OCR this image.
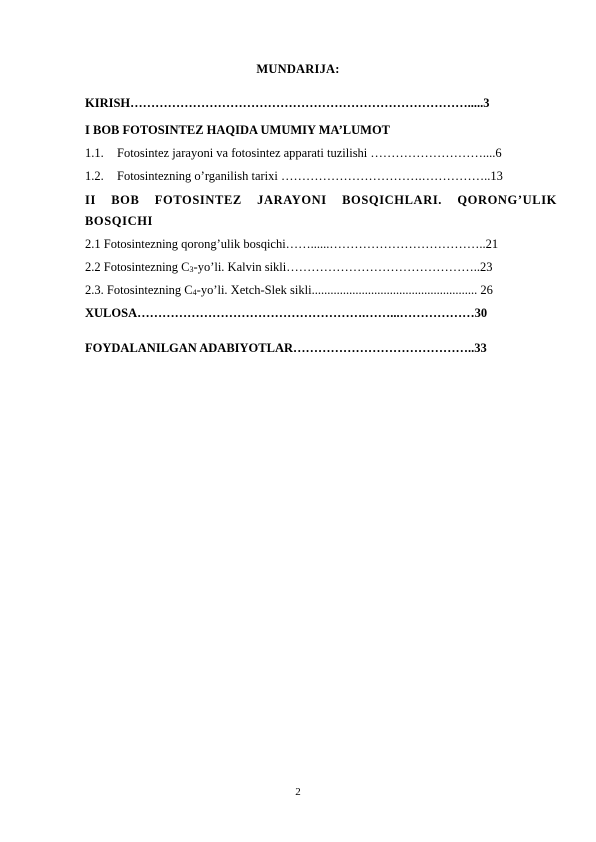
MUNDARIJA:
KIRISH……………………………………………………………………….....3
I BOB FOTOSINTEZ HAQIDA UMUMIY MA’LUMOT
1.1. Fotosintez jarayoni va fotosintez apparati tuzilishi ………………………....6
1.2. Fotosintezning o’rganilish tarixi …………………………….……………..13
II BOB FOTOSINTEZ JARAYONI BOSQICHLARI. QORONG’ULIK
BOSQICHI
2.1 Fotosintezning qorong’ulik bosqichi……......………………………………..21
2.2 Fotosintezning C3-yo’li. Kalvin sikli………………………………………..23
2.3. Fotosintezning C4-yo’li. Xetch-Slek sikli..................................................... 26
XULOSA……………………………………………….……...………………30
FOYDALANILGAN ADABIYOTLAR……………………………………..33
2
